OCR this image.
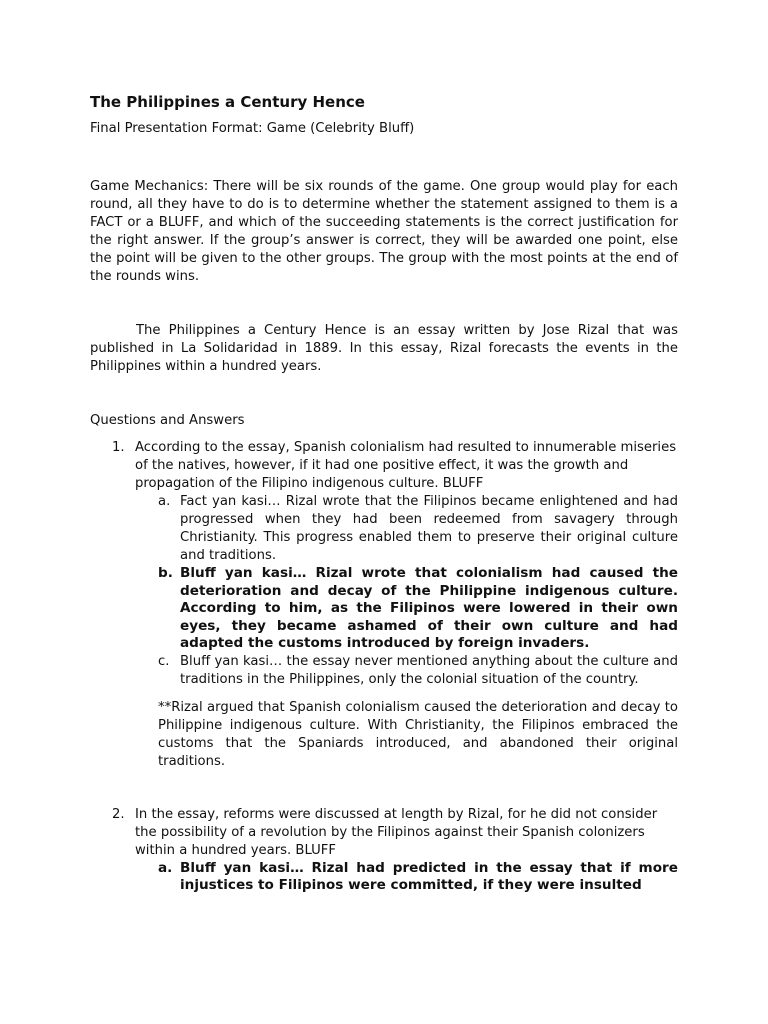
The Philippines a Century Hence
Final Presentation Format: Game (Celebrity Bluff)

Game Mechanics: There will be six rounds of the game. One group would play for each round, all they have to do is to determine whether the statement assigned to them is a FACT or a BLUFF, and which of the succeeding statements is the correct justification for the right answer. If the group’s answer is correct, they will be awarded one point, else the point will be given to the other groups. The group with the most points at the end of the rounds wins.

The Philippines a Century Hence is an essay written by Jose Rizal that was published in La Solidaridad in 1889. In this essay, Rizal forecasts the events in the Philippines within a hundred years.

Questions and Answers
1. According to the essay, Spanish colonialism had resulted to innumerable miseries of the natives, however, if it had one positive effect, it was the growth and propagation of the Filipino indigenous culture. BLUFF

a. Fact yan kasi… Rizal wrote that the Filipinos became enlightened and had progressed when they had been redeemed from savagery through Christianity. This progress enabled them to preserve their original culture and traditions.
b. Bluff yan kasi… Rizal wrote that colonialism had caused the deterioration and decay of the Philippine indigenous culture. According to him, as the Filipinos were lowered in their own eyes, they became ashamed of their own culture and had adapted the customs introduced by foreign invaders.
c. Bluff yan kasi… the essay never mentioned anything about the culture and traditions in the Philippines, only the colonial situation of the country.

**Rizal argued that Spanish colonialism caused the deterioration and decay to Philippine indigenous culture. With Christianity, the Filipinos embraced the customs that the Spaniards introduced, and abandoned their original traditions.

2. In the essay, reforms were discussed at length by Rizal, for he did not consider the possibility of a revolution by the Filipinos against their Spanish colonizers within a hundred years. BLUFF

a. Bluff yan kasi… Rizal had predicted in the essay that if more injustices to Filipinos were committed, if they were insulted
